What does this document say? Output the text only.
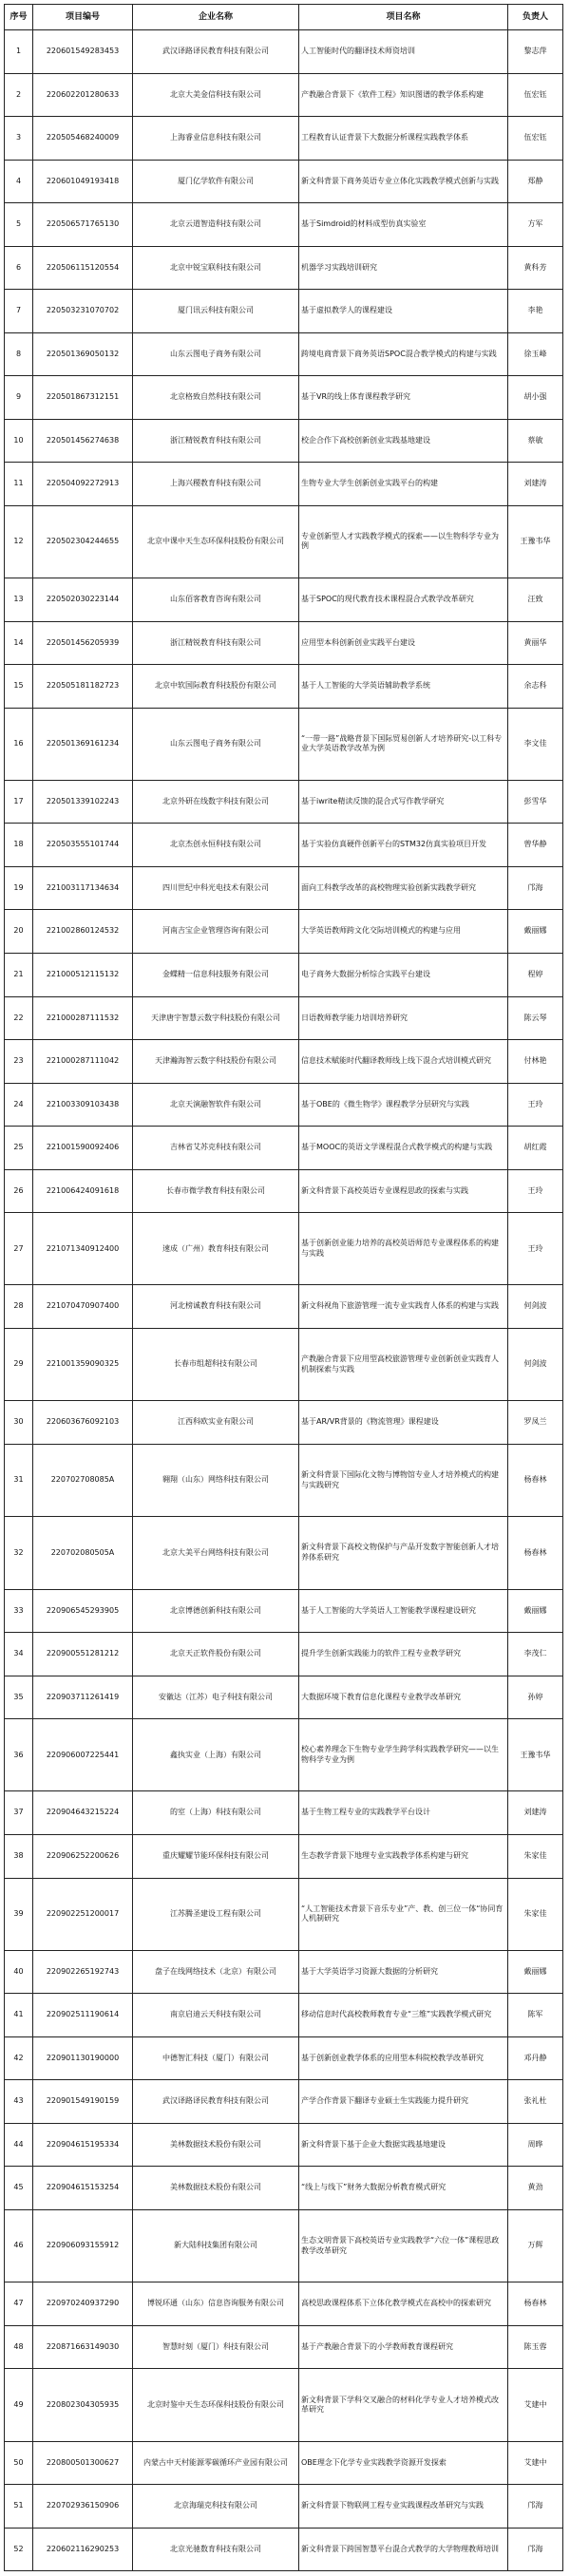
序号	项目编号	企业名称	项目名称	负责人
1	220601549283453	武汉译路译民教育科技有限公司	人工智能时代的翻译技术师资培训	黎志萍
2	220602201280633	北京大美金信科技有限公司	产教融合背景下《软件工程》知识图谱的教学体系构建	伍宏钰
3	220505468240009	上海睿业信息科技有限公司	工程教育认证背景下大数据分析课程实践教学体系	伍宏钰
4	220601049193418	厦门亿学软件有限公司	新文科背景下商务英语专业立体化实践教学模式创新与实践	郑静
5	220506571765130	北京云道智造科技有限公司	基于Simdroid的材料成型仿真实验室	方军
6	220506115120554	北京中锐宝联科技有限公司	机器学习实践培训研究	黄科芳
7	220503231070702	厦门讯云科技有限公司	基于虚拟教学人的课程建设	李艳
8	220501369050132	山东云图电子商务有限公司	跨境电商背景下商务英语SPOC混合教学模式的构建与实践	徐玉峰
9	220501867312151	北京格致自然科技有限公司	基于VR的线上体育课程教学研究	胡小强
10	220501456274638	浙江精锐教育科技有限公司	校企合作下高校创新创业实践基地建设	蔡敏
11	220504092272913	上海兴稷教育科技有限公司	生物专业大学生创新创业实践平台的构建	刘建涛
12	220502304244655	北京中课中天生态环保科技股份有限公司	专业创新型人才实践教学模式的探索——以生物科学专业为例	王豫韦华
13	220502030223144	山东佰客教育咨询有限公司	基于SPOC的现代教育技术课程混合式教学改革研究	汪致
14	220501456205939	浙江精锐教育科技有限公司	应用型本科创新创业实践平台建设	黄丽华
15	220505181182723	北京中软国际教育科技股份有限公司	基于人工智能的大学英语辅助教学系统	余志科
16	220501369161234	山东云图电子商务有限公司	“一带一路”战略背景下国际贸易创新人才培养研究-以工科专业大学英语教学改革为例	李文佳
17	220501339102243	北京外研在线数字科技有限公司	基于iwrite精读反馈的混合式写作教学研究	彭雪华
18	220503555101744	北京杰创永恒科技有限公司	基于实验仿真硬件创新平台的STM32仿真实验项目开发	曾华静
19	221003117134634	四川世纪中科光电技术有限公司	面向工科教学改革的高校物理实验创新实践教学研究	邝海
20	221002860124532	河南吉宝企业管理咨询有限公司	大学英语教师跨文化交际培训模式的构建与应用	戴丽娜
21	221000512115132	金蝶精一信息科技服务有限公司	电子商务大数据分析综合实践平台建设	程婷
22	221000287111532	天津唐宇智慧云数字科技股份有限公司	日语教师教学能力培训培养研究	陈云琴
23	221000287111042	天津瀚海智云数字科技股份有限公司	信息技术赋能时代翻译教师线上线下混合式培训模式研究	付林艳
24	221003309103438	北京天演融智软件有限公司	基于OBE的《微生物学》课程教学分层研究与实践	王玲
25	221001590092406	吉林省艾苏克科技有限公司	基于MOOC的英语文学课程混合式教学模式的构建与实践	胡红霞
26	221006424091618	长春市微学教育科技有限公司	新文科背景下高校英语专业课程思政的探索与实践	王玲
27	221071340912400	速成（广州）教育科技有限公司	基于创新创业能力培养的高校英语师范专业课程体系的构建与实践	王玲
28	221070470907400	河北榜诚教育科技有限公司	新文科视角下旅游管理一流专业实践育人体系的构建与实践	何剑波
29	221001359090325	长春市组超科技有限公司	产教融合背景下应用型高校旅游管理专业创新创业实践育人机制探索与实践	何剑波
30	220603676092103	江西科欧实业有限公司	基于AR/VR背景的《物流管理》课程建设	罗凤兰
31	220702708085A	翱翔（山东）网络科技有限公司	新文科背景下国际化文物与博物馆专业人才培养模式的构建与实践研究	杨春林
32	220702080505A	北京大美平台网络科技有限公司	新文科背景下高校文物保护与产品开发数字智能创新人才培养体系研究	杨春林
33	220906545293905	北京博德创新科技有限公司	基于人工智能的大学英语人工智能教学课程建设研究	戴丽娜
34	220900551281212	北京天正软件股份有限公司	提升学生创新实践能力的软件工程专业教学研究	李茂仁
35	220903711261419	安徽达（江苏）电子科技有限公司	大数据环境下教育信息化课程专业教学改革研究	孙婷
36	220906007225441	鑫执实业（上海）有限公司	校心素养理念下生物专业学生跨学科实践教学研究——以生物科学专业为例	王豫韦华
37	220904643215224	的室（上海）科技有限公司	基于生物工程专业的实践教学平台设计	刘建涛
38	220906252200626	重庆耀耀节能环保科技有限公司	生态教学背景下地理专业实践教学体系构建与研究	朱家佳
39	220902251200017	江苏腾圣建设工程有限公司	“人工智能技术背景下音乐专业”产、教、创三位一体“协同育人机制研究	朱家佳
40	220902265192743	盘子在线网络技术（北京）有限公司	基于大学英语学习资源大数据的分析研究	戴丽娜
41	220902511190614	南京启迪云天科技有限公司	移动信息时代高校教师教育专业“三维”实践教学模式研究	陈军
42	220901130190000	中德智汇科技（厦门）有限公司	基于创新创业教学体系的应用型本科院校教学改革研究	邓丹静
43	220901549190159	武汉译路译民教育科技有限公司	产学合作背景下翻译专业硕士生实践能力提升研究	张礼杜
44	220904615195334	美林数据技术股份有限公司	新文科背景下基于企业大数据实践基地建设	周晔
45	220904615153254	美林数据技术股份有限公司	“线上与线下”财务大数据分析教育模式研究	黄劲
46	220906093155912	新大陆科技集团有限公司	生态文明背景下高校英语专业实践教学“六位一体”课程思政教学改革研究	万辉
47	220970240937290	博锐环通（山东）信息咨询服务有限公司	高校思政课程体系下立体化教学模式在高校中的探索研究	杨春林
48	220871663149030	智慧时刻（厦门）科技有限公司	基于产教融合背景下的小学教师教育课程研究	陈玉蓉
49	220802304305935	北京时鉴中天生态环保科技股份有限公司	新文科背景下学科交叉融合的材料化学专业人才培养模式改革研究	艾建中
50	220800501300627	内蒙古中天村能源零碳循环产业园有限公司	OBE理念下化学专业实践教学资源开发探索	艾建中
51	220702936150906	北京海瑞克科技有限公司	新文科背景下物联网工程专业实践课程改革研究与实践	邝海
52	220602116290253	北京光驰数育科技有限公司	新文科背景下跨国智慧平台混合式教学的大学物理教师培训	邝海
